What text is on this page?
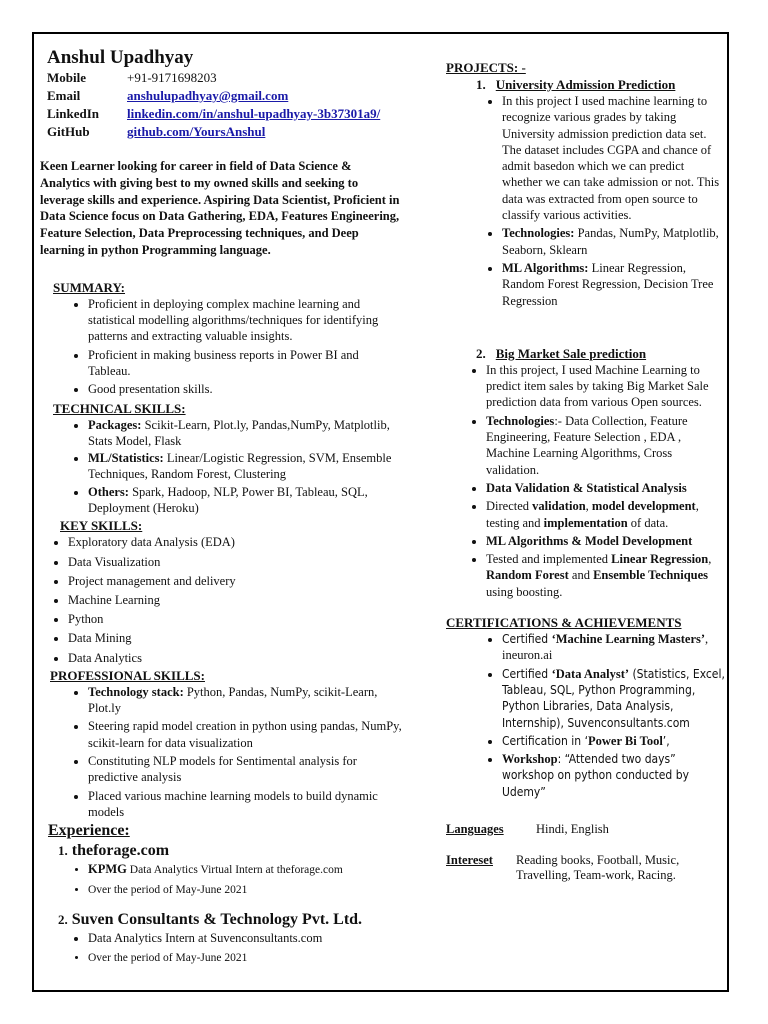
Anshul Upadhyay
Mobile	+91-9171698203
Email	anshulupadhyay@gmail.com
LinkedIn	linkedin.com/in/anshul-upadhyay-3b37301a9/
GitHub	github.com/YoursAnshul
Keen Learner looking for career in field of Data Science & Analytics with giving best to my owned skills and seeking to leverage skills and experience. Aspiring Data Scientist, Proficient in Data Science focus on Data Gathering, EDA, Features Engineering, Feature Selection, Data Preprocessing techniques, and Deep learning in python Programming language.
SUMMARY:
• Proficient in deploying complex machine learning and statistical modelling algorithms/techniques for identifying patterns and extracting valuable insights.
• Proficient in making business reports in Power BI and Tableau.
• Good presentation skills.
TECHNICAL SKILLS:
• Packages: Scikit-Learn, Plot.ly, Pandas,NumPy, Matplotlib, Stats Model, Flask
• ML/Statistics: Linear/Logistic Regression, SVM, Ensemble Techniques, Random Forest, Clustering
• Others: Spark, Hadoop, NLP, Power BI, Tableau, SQL, Deployment (Heroku)
KEY SKILLS:
• Exploratory data Analysis (EDA)
• Data Visualization
• Project management and delivery
• Machine Learning
• Python
• Data Mining
• Data Analytics
PROFESSIONAL SKILLS:
• Technology stack: Python, Pandas, NumPy, scikit-Learn, Plot.ly
• Steering rapid model creation in python using pandas, NumPy, scikit-learn for data visualization
• Constituting NLP models for Sentimental analysis for predictive analysis
• Placed various machine learning models to build dynamic models
Experience:
1. theforage.com
• KPMG Data Analytics Virtual Intern at theforage.com
• Over the period of May-June 2021
2. Suven Consultants & Technology Pvt. Ltd.
• Data Analytics Intern at Suvenconsultants.com
• Over the period of May-June 2021
PROJECTS: -
1. University Admission Prediction
• In this project I used machine learning to recognize various grades by taking University admission prediction data set. The dataset includes CGPA and chance of admit basedon which we can predict whether we can take admission or not. This data was extracted from open source to classify various activities.
• Technologies: Pandas, NumPy, Matplotlib, Seaborn, Sklearn
• ML Algorithms: Linear Regression, Random Forest Regression, Decision Tree Regression
2. Big Market Sale prediction
• In this project, I used Machine Learning to predict item sales by taking Big Market Sale prediction data from various Open sources.
• Technologies:- Data Collection, Feature Engineering, Feature Selection , EDA , Machine Learning Algorithms, Cross validation.
• Data Validation & Statistical Analysis
• Directed validation, model development, testing and implementation of data.
• ML Algorithms & Model Development
• Tested and implemented Linear Regression, Random Forest and Ensemble Techniques using boosting.
CERTIFICATIONS & ACHIEVEMENTS
• Certified ‘Machine Learning Masters’, ineuron.ai
• Certified ‘Data Analyst’ (Statistics, Excel, Tableau, SQL, Python Programming, Python Libraries, Data Analysis, Internship), Suvenconsultants.com
• Certification in ‘Power Bi Tool’,
• Workshop: “Attended two days” workshop on python conducted by Udemy”
Languages	Hindi, English
Intereset Reading books, Football, Music, Travelling, Team-work, Racing.
